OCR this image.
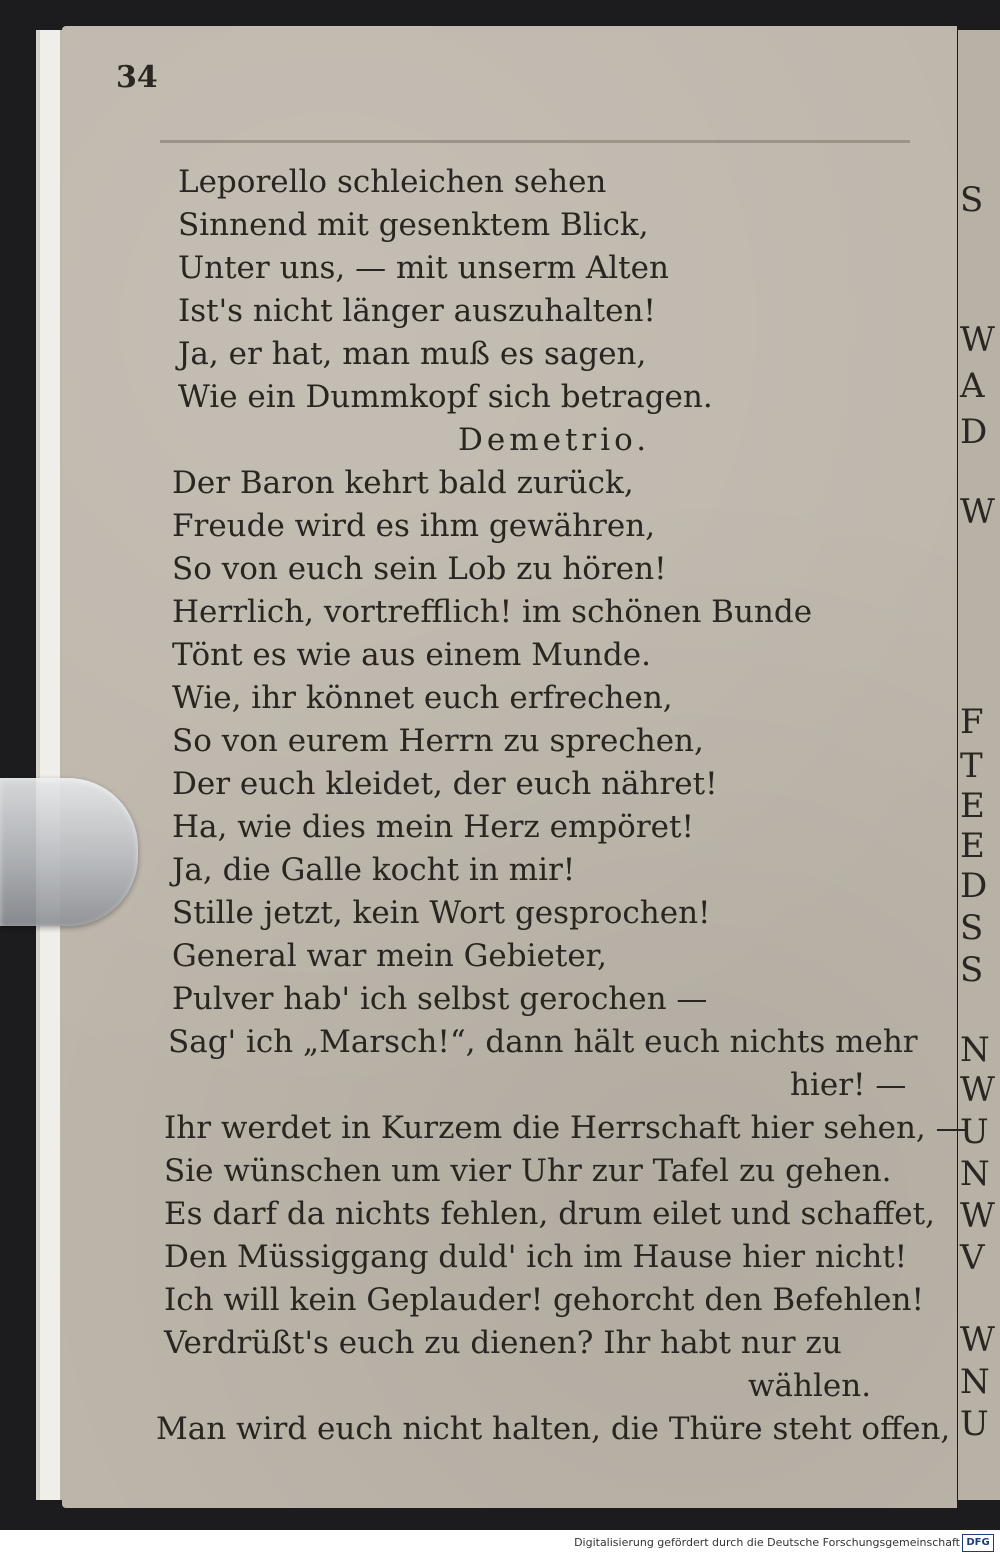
S
W
A
D
W
F
T
E
E
D
S
S
N
W
U
N
W
V
W
N
U
34
Leporello schleichen sehen
Sinnend mit gesenktem Blick,
Unter uns, — mit unserm Alten
Ist's nicht länger auszuhalten!
Ja, er hat, man muß es sagen,
Wie ein Dummkopf sich betragen.
Demetrio.
Der Baron kehrt bald zurück,
Freude wird es ihm gewähren,
So von euch sein Lob zu hören!
Herrlich, vortrefflich! im schönen Bunde
Tönt es wie aus einem Munde.
Wie, ihr könnet euch erfrechen,
So von eurem Herrn zu sprechen,
Der euch kleidet, der euch nähret!
Ha, wie dies mein Herz empöret!
Ja, die Galle kocht in mir!
Stille jetzt, kein Wort gesprochen!
General war mein Gebieter,
Pulver hab' ich selbst gerochen —
Sag' ich „Marsch!“, dann hält euch nichts mehr
hier! —
Ihr werdet in Kurzem die Herrschaft hier sehen, —
Sie wünschen um vier Uhr zur Tafel zu gehen.
Es darf da nichts fehlen, drum eilet und schaffet,
Den Müssiggang duld' ich im Hause hier nicht!
Ich will kein Geplauder! gehorcht den Befehlen!
Verdrüßt's euch zu dienen? Ihr habt nur zu
wählen.
Man wird euch nicht halten, die Thüre steht offen,
Digitalisierung gefördert durch die Deutsche Forschungsgemeinschaft DFG
